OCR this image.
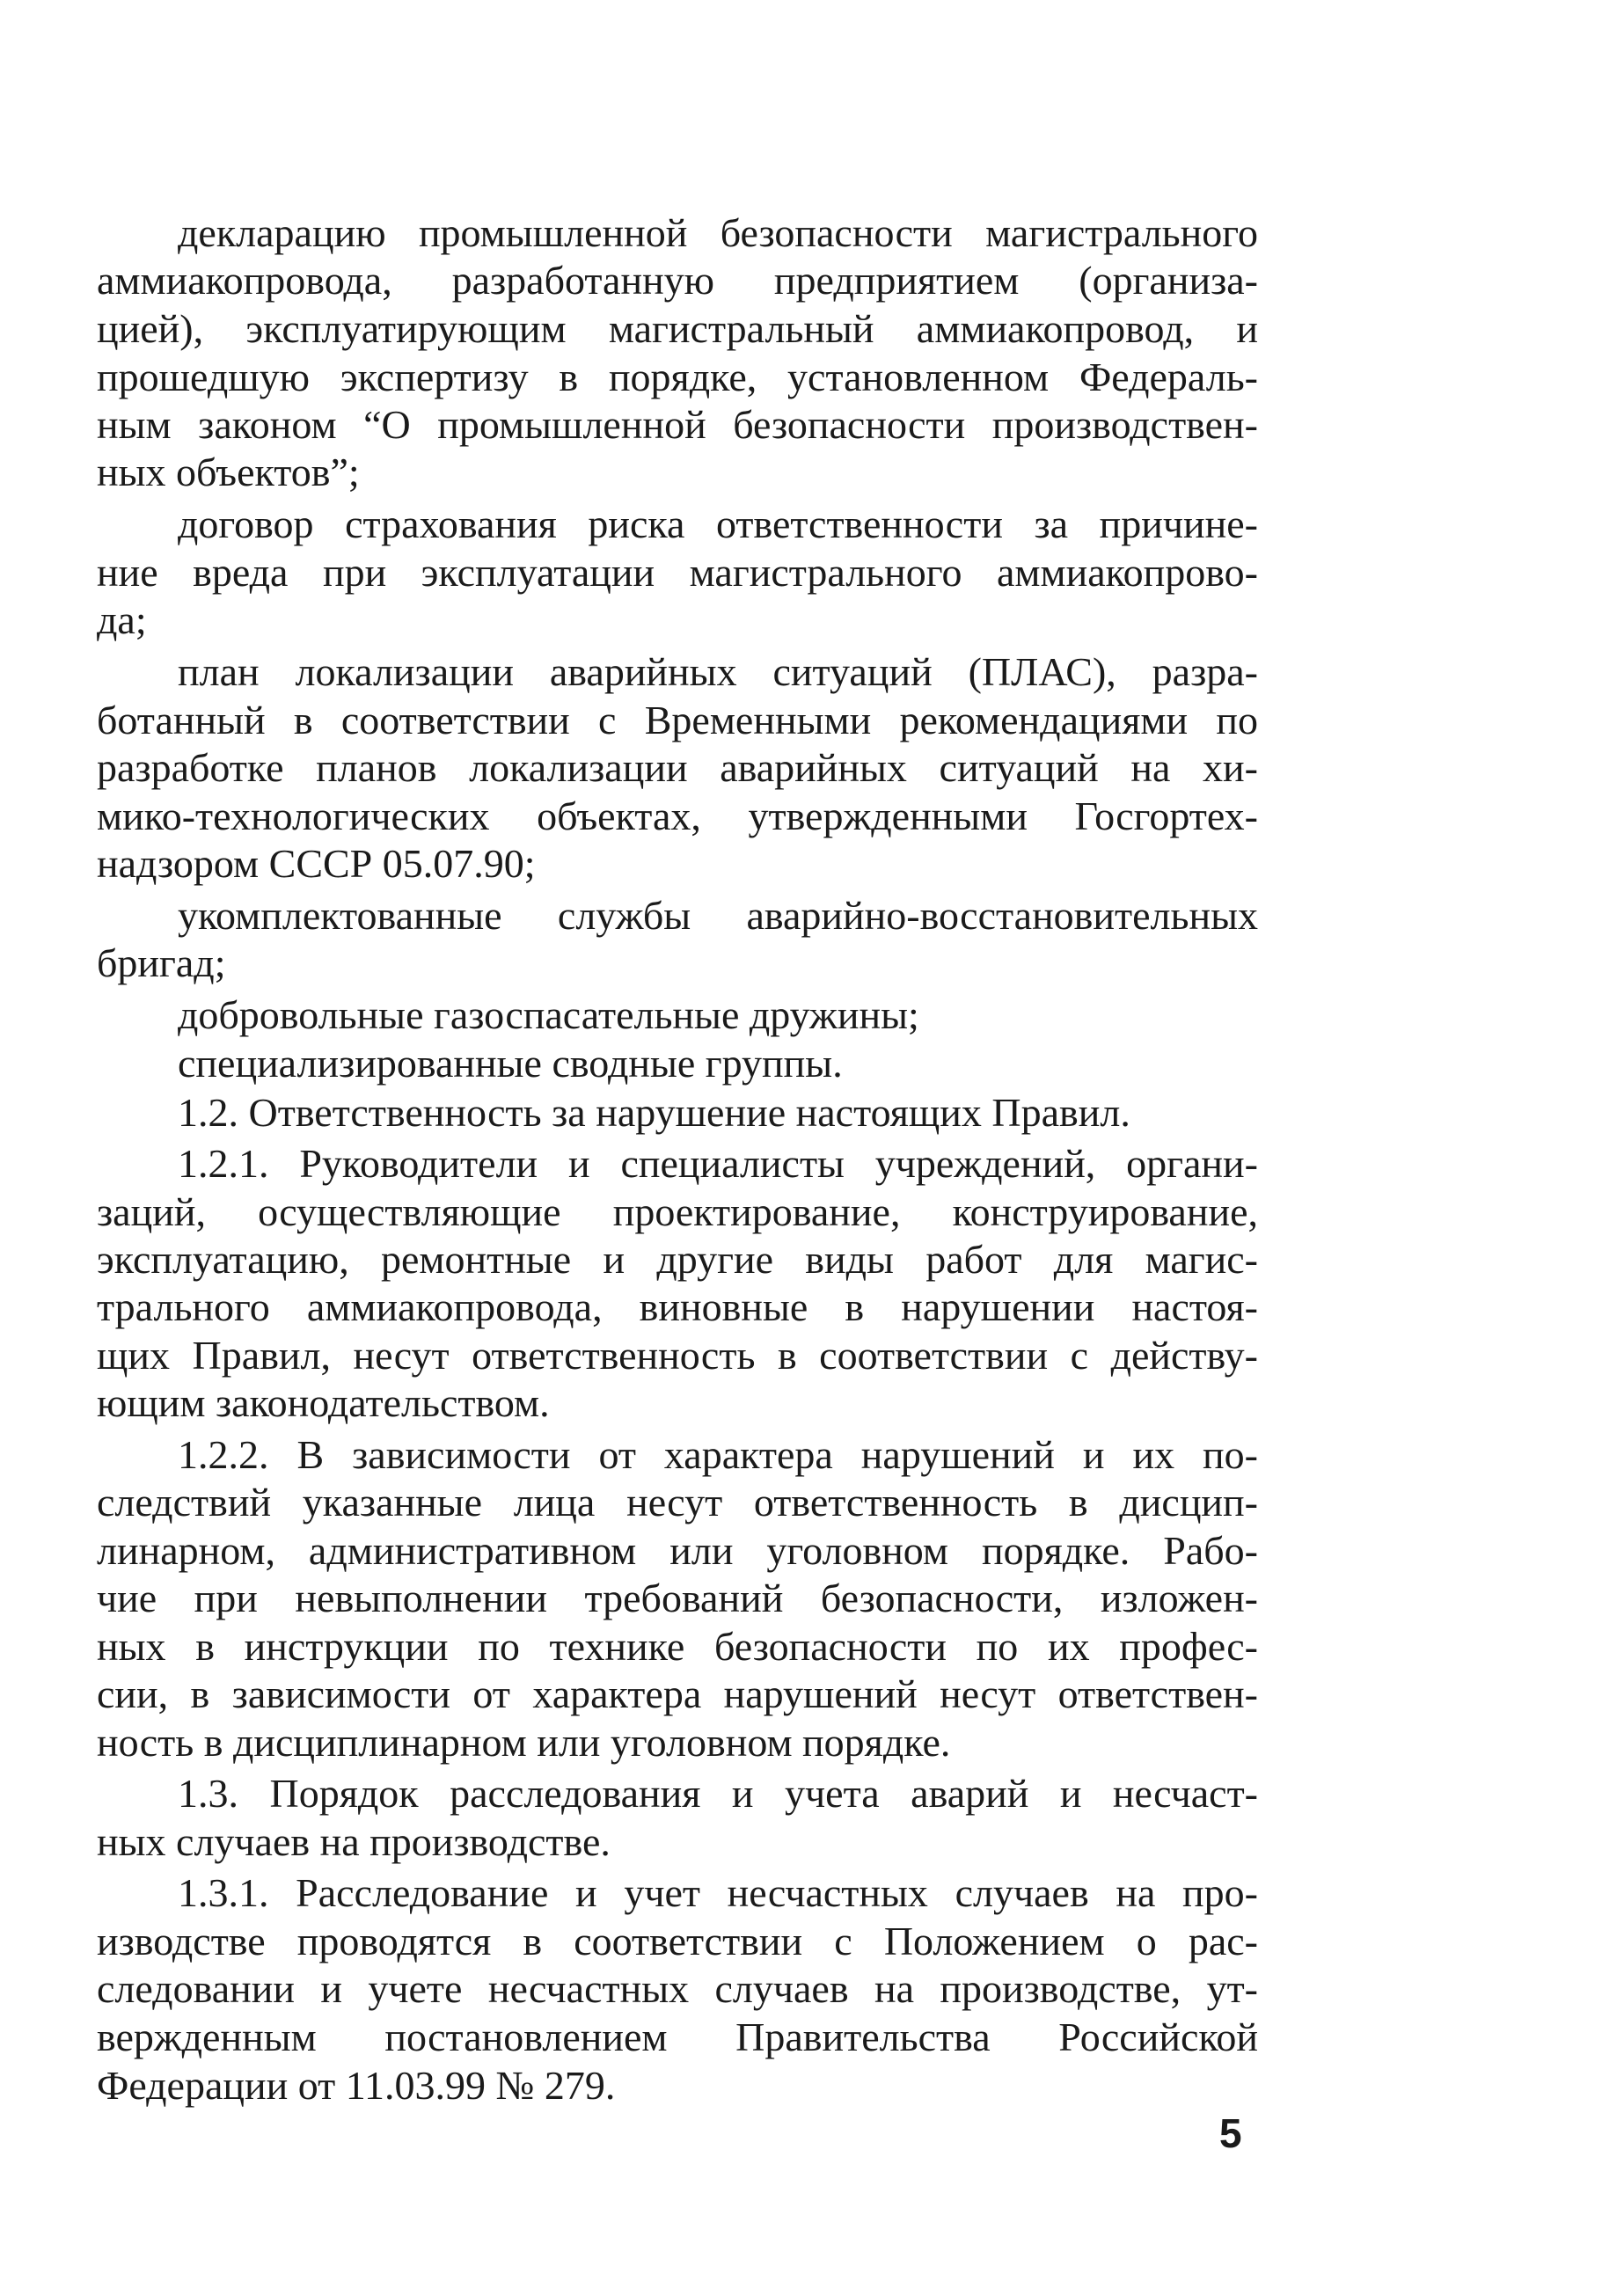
декларацию промышленной безопасности магистрального
аммиакопровода, разработанную предприятием (организа-
цией), эксплуатирующим магистральный аммиакопровод, и
прошедшую экспертизу в порядке, установленном Федераль-
ным законом “О промышленной безопасности производствен-
ных объектов”;
договор страхования риска ответственности за причине-
ние вреда при эксплуатации магистрального аммиакопрово-
да;
план локализации аварийных ситуаций (ПЛАС), разра-
ботанный в соответствии с Временными рекомендациями по
разработке планов локализации аварийных ситуаций на хи-
мико-технологических объектах, утвержденными Госгортех-
надзором СССР 05.07.90;
укомплектованные службы аварийно-восстановительных
бригад;
добровольные газоспасательные дружины;
специализированные сводные группы.
1.2. Ответственность за нарушение настоящих Правил.
1.2.1. Руководители и специалисты учреждений, органи-
заций, осуществляющие проектирование, конструирование,
эксплуатацию, ремонтные и другие виды работ для магис-
трального аммиакопровода, виновные в нарушении настоя-
щих Правил, несут ответственность в соответствии с действу-
ющим законодательством.
1.2.2. В зависимости от характера нарушений и их по-
следствий указанные лица несут ответственность в дисцип-
линарном, административном или уголовном порядке. Рабо-
чие при невыполнении требований безопасности, изложен-
ных в инструкции по технике безопасности по их профес-
сии, в зависимости от характера нарушений несут ответствен-
ность в дисциплинарном или уголовном порядке.
1.3. Порядок расследования и учета аварий и несчаст-
ных случаев на производстве.
1.3.1. Расследование и учет несчастных случаев на про-
изводстве проводятся в соответствии с Положением о рас-
следовании и учете несчастных случаев на производстве, ут-
вержденным постановлением Правительства Российской
Федерации от 11.03.99 № 279.
5
